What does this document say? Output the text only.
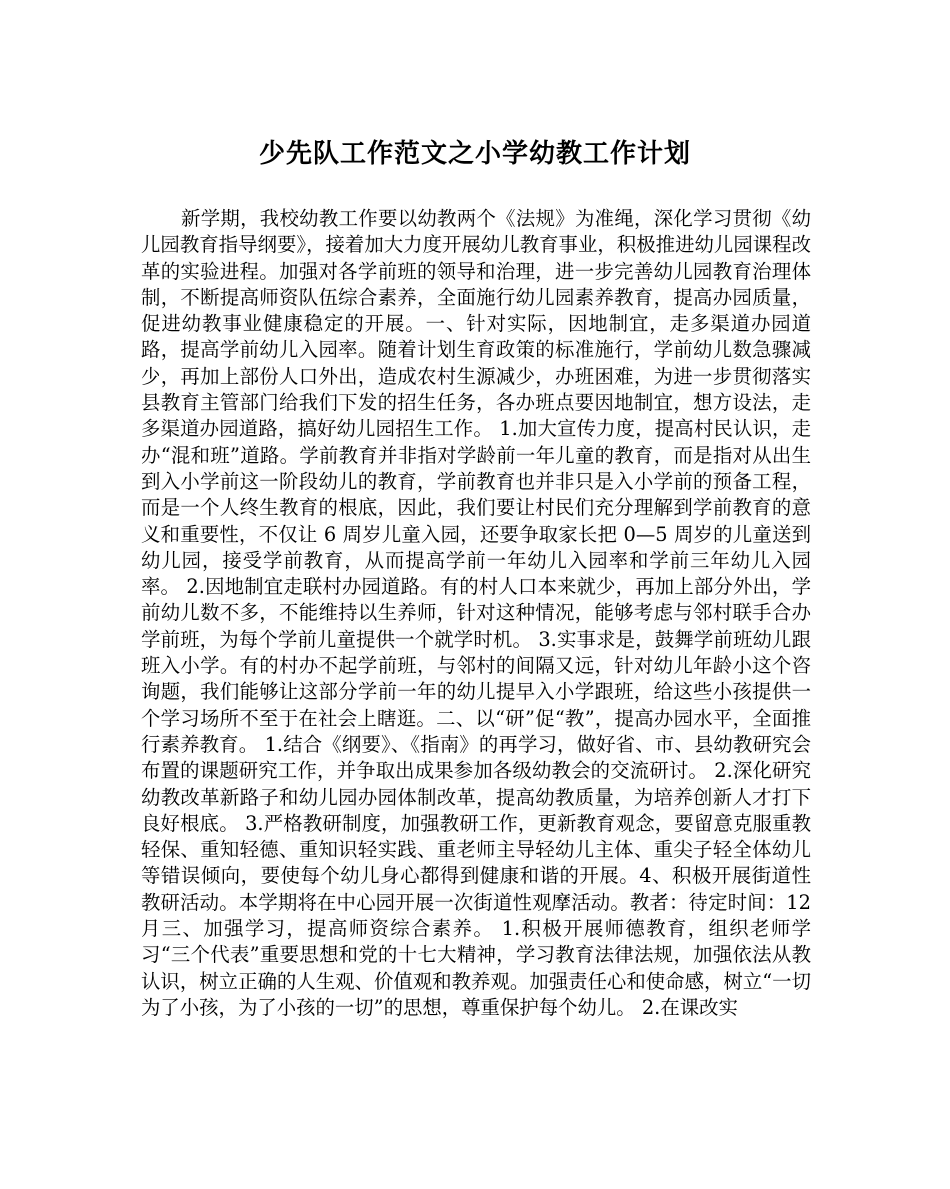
少先队工作范文之小学幼教工作计划

新学期，我校幼教工作要以幼教两个《法规》为准绳，深化学习贯彻《幼儿园教育指导纲要》，接着加大力度开展幼儿教育事业，积极推进幼儿园课程改革的实验进程。加强对各学前班的领导和治理，进一步完善幼儿园教育治理体制，不断提高师资队伍综合素养，全面施行幼儿园素养教育，提高办园质量，促进幼教事业健康稳定的开展。一、针对实际，因地制宜，走多渠道办园道路，提高学前幼儿入园率。随着计划生育政策的标准施行，学前幼儿数急骤减少，再加上部份人口外出，造成农村生源减少，办班困难，为进一步贯彻落实县教育主管部门给我们下发的招生任务，各办班点要因地制宜，想方设法，走多渠道办园道路，搞好幼儿园招生工作。 1.加大宣传力度，提高村民认识，走办“混和班”道路。学前教育并非指对学龄前一年儿童的教育，而是指对从出生到入小学前这一阶段幼儿的教育，学前教育也并非只是入小学前的预备工程，而是一个人终生教育的根底，因此，我们要让村民们充分理解到学前教育的意义和重要性，不仅让 6 周岁儿童入园，还要争取家长把 0—5 周岁的儿童送到幼儿园，接受学前教育，从而提高学前一年幼儿入园率和学前三年幼儿入园率。 2.因地制宜走联村办园道路。有的村人口本来就少，再加上部分外出，学前幼儿数不多，不能维持以生养师，针对这种情况，能够考虑与邻村联手合办学前班，为每个学前儿童提供一个就学时机。 3.实事求是，鼓舞学前班幼儿跟班入小学。有的村办不起学前班，与邻村的间隔又远，针对幼儿年龄小这个咨询题，我们能够让这部分学前一年的幼儿提早入小学跟班，给这些小孩提供一个学习场所不至于在社会上瞎逛。二、以“研”促“教”，提高办园水平，全面推行素养教育。 1.结合《纲要》、《指南》的再学习，做好省、市、县幼教研究会布置的课题研究工作，并争取出成果参加各级幼教会的交流研讨。 2.深化研究幼教改革新路子和幼儿园办园体制改革，提高幼教质量，为培养创新人才打下良好根底。 3.严格教研制度，加强教研工作，更新教育观念，要留意克服重教轻保、重知轻德、重知识轻实践、重老师主导轻幼儿主体、重尖子轻全体幼儿等错误倾向，要使每个幼儿身心都得到健康和谐的开展。4、积极开展街道性教研活动。本学期将在中心园开展一次街道性观摩活动。教者：待定时间：12 月三、加强学习，提高师资综合素养。 1.积极开展师德教育，组织老师学习“三个代表”重要思想和党的十七大精神，学习教育法律法规，加强依法从教认识，树立正确的人生观、价值观和教养观。加强责任心和使命感，树立“一切为了小孩，为了小孩的一切”的思想，尊重保护每个幼儿。 2.在课改实
